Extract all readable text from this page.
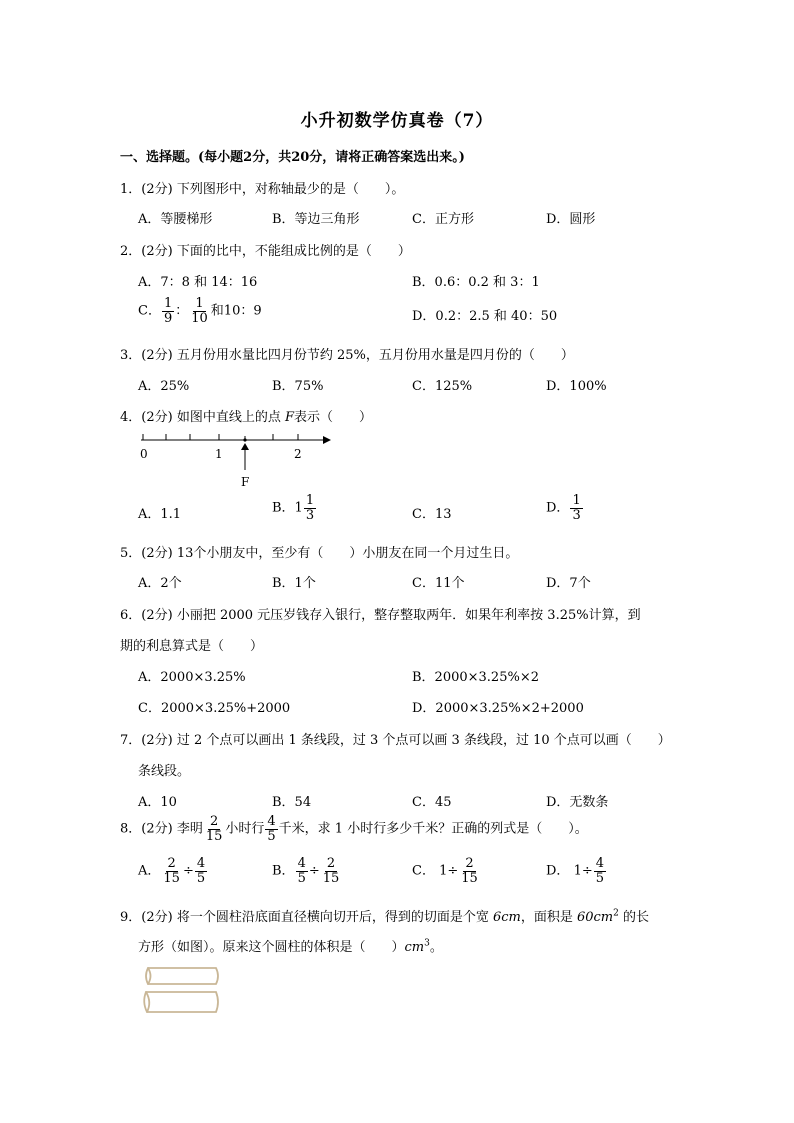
小升初数学仿真卷（7）
一、选择题。(每小题2分，共20分，请将正确答案选出来。)
1．(2分) 下列图形中，对称轴最少的是（　　）。
A．等腰梯形	B．等边三角形	C．正方形	D．圆形
2．(2分) 下面的比中，不能组成比例的是（　　）
A．7：8 和 14：16	B．0.6：0.2 和 3：1
C． $\frac{1}{9}$ ： $\frac{1}{10}$ 和10：9	D．0.2：2.5 和 40：50
3．(2分) 五月份用水量比四月份节约 25%，五月份用水量是四月份的（　　）
A．25%	B．75%	C．125%	D．100%
4．(2分) 如图中直线上的点 F表示（　　）
0	1	2
F
A．1.1	B．$1 \frac{1}{3}$	C．13	D． $\frac{1}{3}$
5．(2分) 13个小朋友中，至少有（　　）小朋友在同一个月过生日。
A．2个	B．1个	C．11个	D．7个
6．(2分) 小丽把 2000 元压岁钱存入银行，整存整取两年．如果年利率按 3.25%计算，到
期的利息算式是（　　）
A．2000×3.25%	B．2000×3.25%×2
C．2000×3.25%+2000	D．2000×3.25%×2+2000
7．(2分) 过 2 个点可以画出 1 条线段，过 3 个点可以画 3 条线段，过 10 个点可以画（　　）
条线段。
A．10	B．54	C．45	D．无数条
8．(2分) 李明 $\frac{2}{15}$ 小时行 $\frac{4}{5}$ 千米，求 1 小时行多少千米？正确的列式是（　　）。
A． $\frac{2}{15} \div \frac{4}{5}$	B． $\frac{4}{5} \div \frac{2}{15}$	C． $1\div \frac{2}{15}$	D． $1\div \frac{4}{5}$
9．(2分) 将一个圆柱沿底面直径横向切开后，得到的切面是个宽 6cm，面积是 $60cm^2$ 的长
方形（如图）。原来这个圆柱的体积是（　　）$cm^3$。
